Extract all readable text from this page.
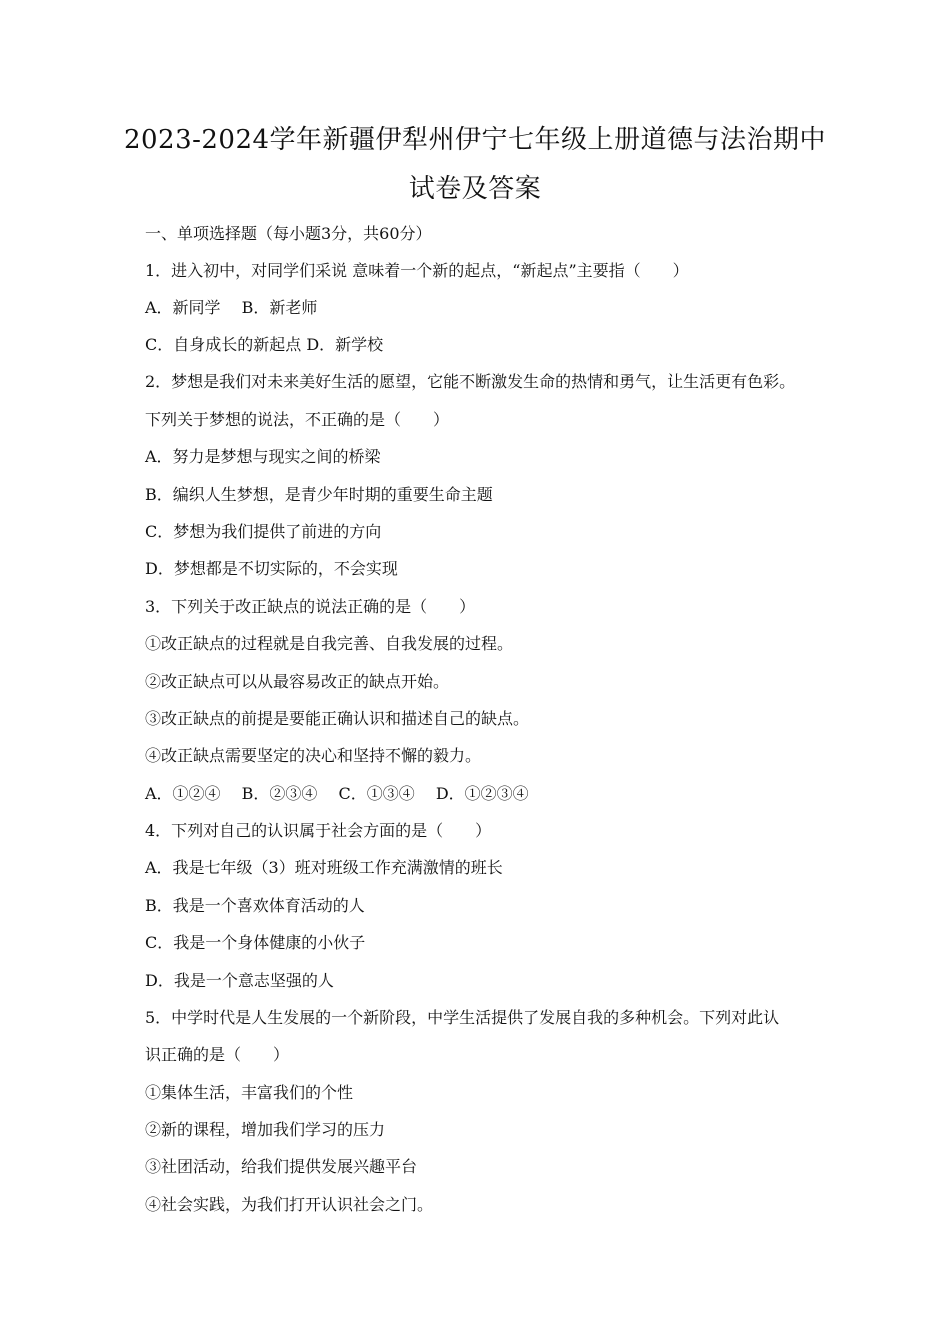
2023-2024学年新疆伊犁州伊宁七年级上册道德与法治期中
试卷及答案
一、单项选择题（每小题3分，共60分）
1．进入初中，对同学们采说 意味着一个新的起点，“新起点”主要指（　　）
A．新同学　 B．新老师
C．自身成长的新起点 D．新学校
2．梦想是我们对未来美好生活的愿望，它能不断激发生命的热情和勇气，让生活更有色彩。
下列关于梦想的说法，不正确的是（　　）
A．努力是梦想与现实之间的桥梁
B．编织人生梦想，是青少年时期的重要生命主题
C．梦想为我们提供了前进的方向
D．梦想都是不切实际的，不会实现
3．下列关于改正缺点的说法正确的是（　　）
①改正缺点的过程就是自我完善、自我发展的过程。
②改正缺点可以从最容易改正的缺点开始。
③改正缺点的前提是要能正确认识和描述自己的缺点。
④改正缺点需要坚定的决心和坚持不懈的毅力。
A．①②④　 B．②③④　 C．①③④　 D．①②③④
4．下列对自己的认识属于社会方面的是（　　）
A．我是七年级（3）班对班级工作充满激情的班长
B．我是一个喜欢体育活动的人
C．我是一个身体健康的小伙子
D．我是一个意志坚强的人
5．中学时代是人生发展的一个新阶段，中学生活提供了发展自我的多种机会。下列对此认
识正确的是（　　）
①集体生活，丰富我们的个性
②新的课程，增加我们学习的压力
③社团活动，给我们提供发展兴趣平台
④社会实践，为我们打开认识社会之门。
